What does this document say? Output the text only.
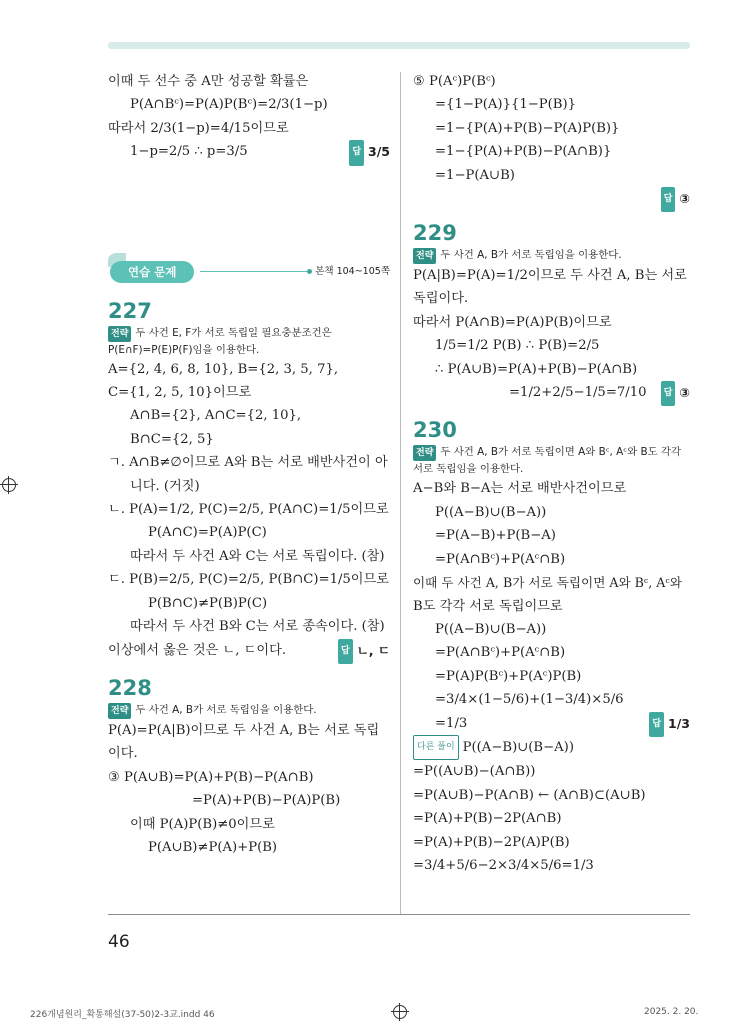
이때 두 선수 중 A만 성공할 확률은
P(A∩Bᶜ)=P(A)P(Bᶜ)=2/3(1−p)
따라서 2/3(1−p)=4/15이므로
1−p=2/5 ∴ p=3/5	답 3/5
연습 문제	본책 104~105쪽
227
전략 두 사건 E, F가 서로 독립일 필요충분조건은 P(E∩F)=P(E)P(F)임을 이용한다.
A={2, 4, 6, 8, 10}, B={2, 3, 5, 7},
C={1, 2, 5, 10}이므로
A∩B={2}, A∩C={2, 10},
B∩C={2, 5}
ㄱ. A∩B≠∅이므로 A와 B는 서로 배반사건이 아
니다. (거짓)
ㄴ. P(A)=1/2, P(C)=2/5, P(A∩C)=1/5이므로
P(A∩C)=P(A)P(C)
따라서 두 사건 A와 C는 서로 독립이다. (참)
ㄷ. P(B)=2/5, P(C)=2/5, P(B∩C)=1/5이므로
P(B∩C)≠P(B)P(C)
따라서 두 사건 B와 C는 서로 종속이다. (참)
이상에서 옳은 것은 ㄴ, ㄷ이다.	답 ㄴ, ㄷ
228
전략 두 사건 A, B가 서로 독립임을 이용한다.
P(A)=P(A|B)이므로 두 사건 A, B는 서로 독립
이다.
③ P(A∪B)=P(A)+P(B)−P(A∩B)
=P(A)+P(B)−P(A)P(B)
이때 P(A)P(B)≠0이므로
P(A∪B)≠P(A)+P(B)
⑤ P(Aᶜ)P(Bᶜ)
={1−P(A)}{1−P(B)}
=1−{P(A)+P(B)−P(A)P(B)}
=1−{P(A)+P(B)−P(A∩B)}
=1−P(A∪B)
답 ③
229
전략 두 사건 A, B가 서로 독립임을 이용한다.
P(A|B)=P(A)=1/2이므로 두 사건 A, B는 서로
독립이다.
따라서 P(A∩B)=P(A)P(B)이므로
1/5=1/2 P(B) ∴ P(B)=2/5
∴ P(A∪B)=P(A)+P(B)−P(A∩B)
=1/2+2/5−1/5=7/10	답 ③
230
전략 두 사건 A, B가 서로 독립이면 A와 Bᶜ, Aᶜ와 B도 각각 서로 독립임을 이용한다.
A−B와 B−A는 서로 배반사건이므로
P((A−B)∪(B−A))
=P(A−B)+P(B−A)
=P(A∩Bᶜ)+P(Aᶜ∩B)
이때 두 사건 A, B가 서로 독립이면 A와 Bᶜ, Aᶜ와
B도 각각 서로 독립이므로
P((A−B)∪(B−A))
=P(A∩Bᶜ)+P(Aᶜ∩B)
=P(A)P(Bᶜ)+P(Aᶜ)P(B)
=3/4×(1−5/6)+(1−3/4)×5/6
=1/3	답 1/3
다른 풀이 P((A−B)∪(B−A))
=P((A∪B)−(A∩B))
=P(A∪B)−P(A∩B) ← (A∩B)⊂(A∪B)
=P(A)+P(B)−2P(A∩B)
=P(A)+P(B)−2P(A)P(B)
=3/4+5/6−2×3/4×5/6=1/3
46
226개념원리_확통해설(37-50)2-3교.indd 46	2025. 2. 20.
